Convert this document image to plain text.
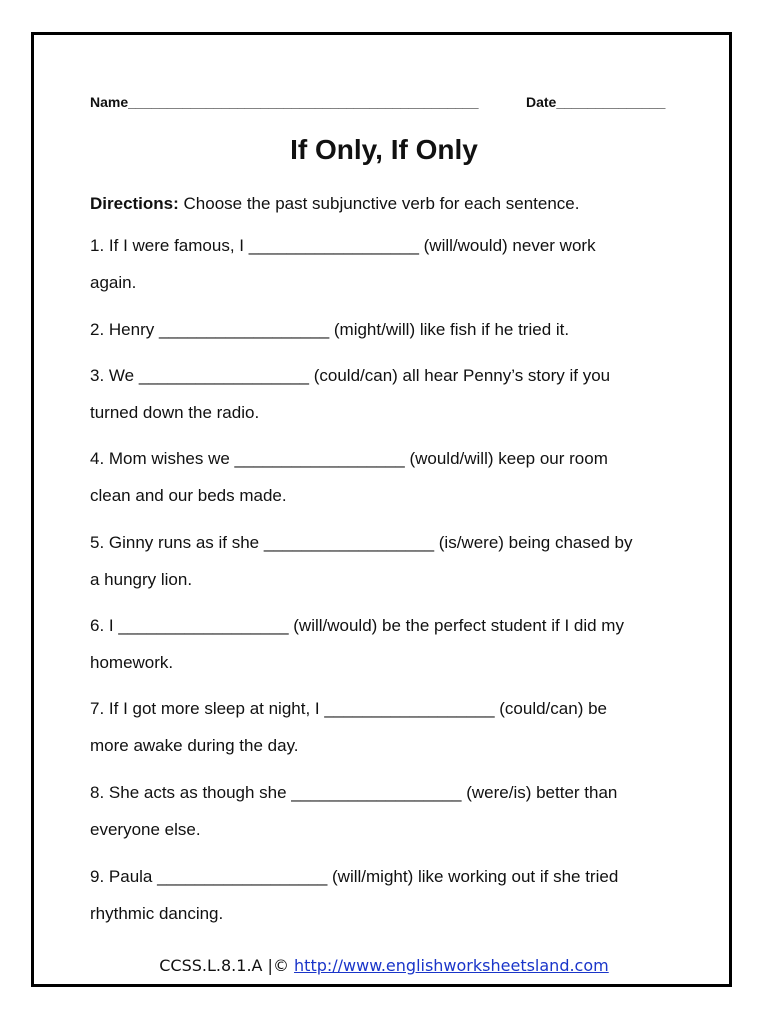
Name_____________________________________________	Date______________
If Only, If Only
Directions: Choose the past subjunctive verb for each sentence.
1. If I were famous, I __________________ (will/would) never work
again.
2. Henry __________________ (might/will) like fish if he tried it.
3. We __________________ (could/can) all hear Penny’s story if you
turned down the radio.
4. Mom wishes we __________________ (would/will) keep our room
clean and our beds made.
5. Ginny runs as if she __________________ (is/were) being chased by
a hungry lion.
6. I __________________ (will/would) be the perfect student if I did my
homework.
7. If I got more sleep at night, I __________________ (could/can) be
more awake during the day.
8. She acts as though she __________________ (were/is) better than
everyone else.
9. Paula __________________ (will/might) like working out if she tried
rhythmic dancing.
CCSS.L.8.1.A |© http://www.englishworksheetsland.com
